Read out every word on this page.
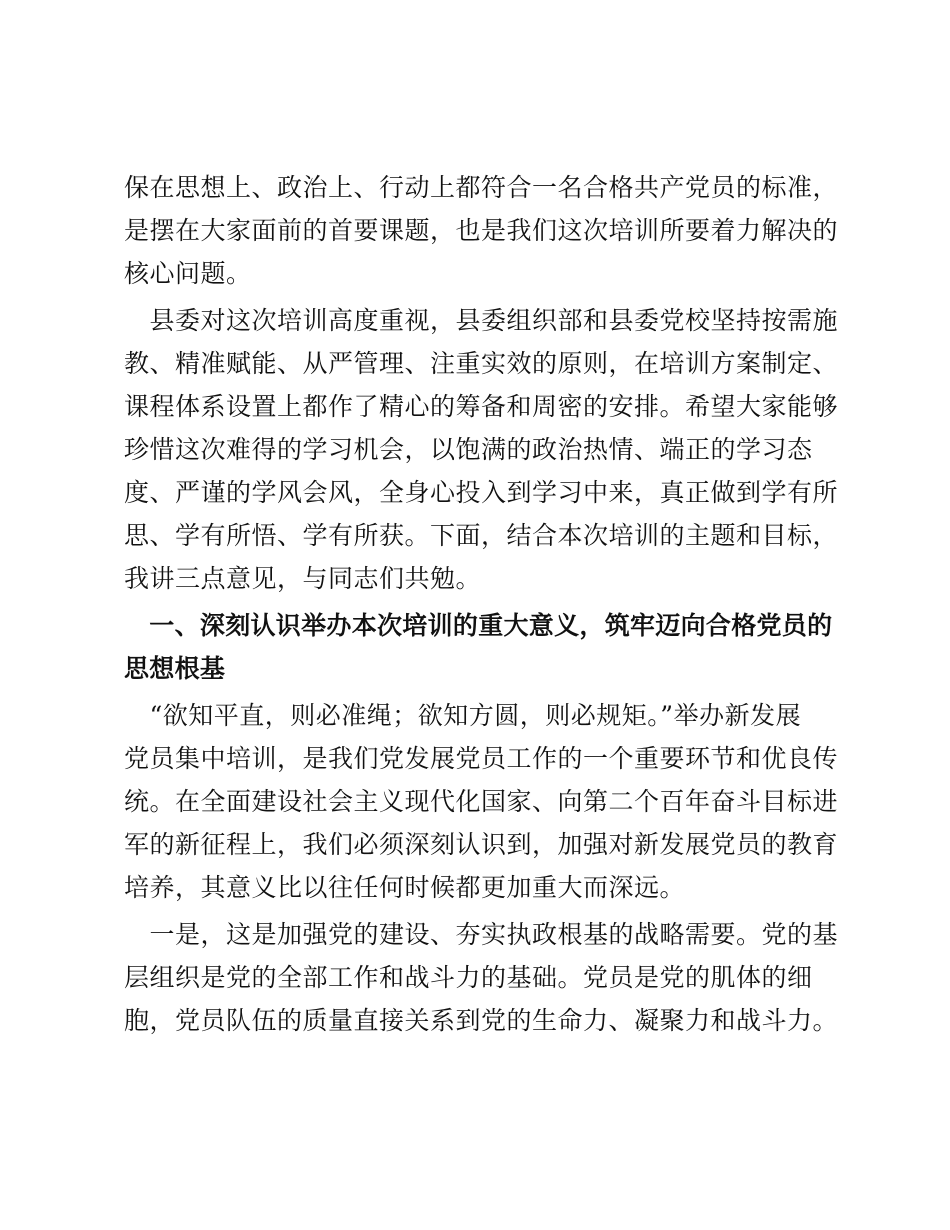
保在思想上、政治上、行动上都符合一名合格共产党员的标准，
是摆在大家面前的首要课题，也是我们这次培训所要着力解决的
核心问题。
　县委对这次培训高度重视，县委组织部和县委党校坚持按需施
教、精准赋能、从严管理、注重实效的原则，在培训方案制定、
课程体系设置上都作了精心的筹备和周密的安排。希望大家能够
珍惜这次难得的学习机会，以饱满的政治热情、端正的学习态
度、严谨的学风会风，全身心投入到学习中来，真正做到学有所
思、学有所悟、学有所获。下面，结合本次培训的主题和目标，
我讲三点意见，与同志们共勉。
　一、深刻认识举办本次培训的重大意义，筑牢迈向合格党员的
思想根基
　“欲知平直，则必准绳；欲知方圆，则必规矩。”举办新发展
党员集中培训，是我们党发展党员工作的一个重要环节和优良传
统。在全面建设社会主义现代化国家、向第二个百年奋斗目标进
军的新征程上，我们必须深刻认识到，加强对新发展党员的教育
培养，其意义比以往任何时候都更加重大而深远。
　一是，这是加强党的建设、夯实执政根基的战略需要。党的基
层组织是党的全部工作和战斗力的基础。党员是党的肌体的细
胞，党员队伍的质量直接关系到党的生命力、凝聚力和战斗力。
